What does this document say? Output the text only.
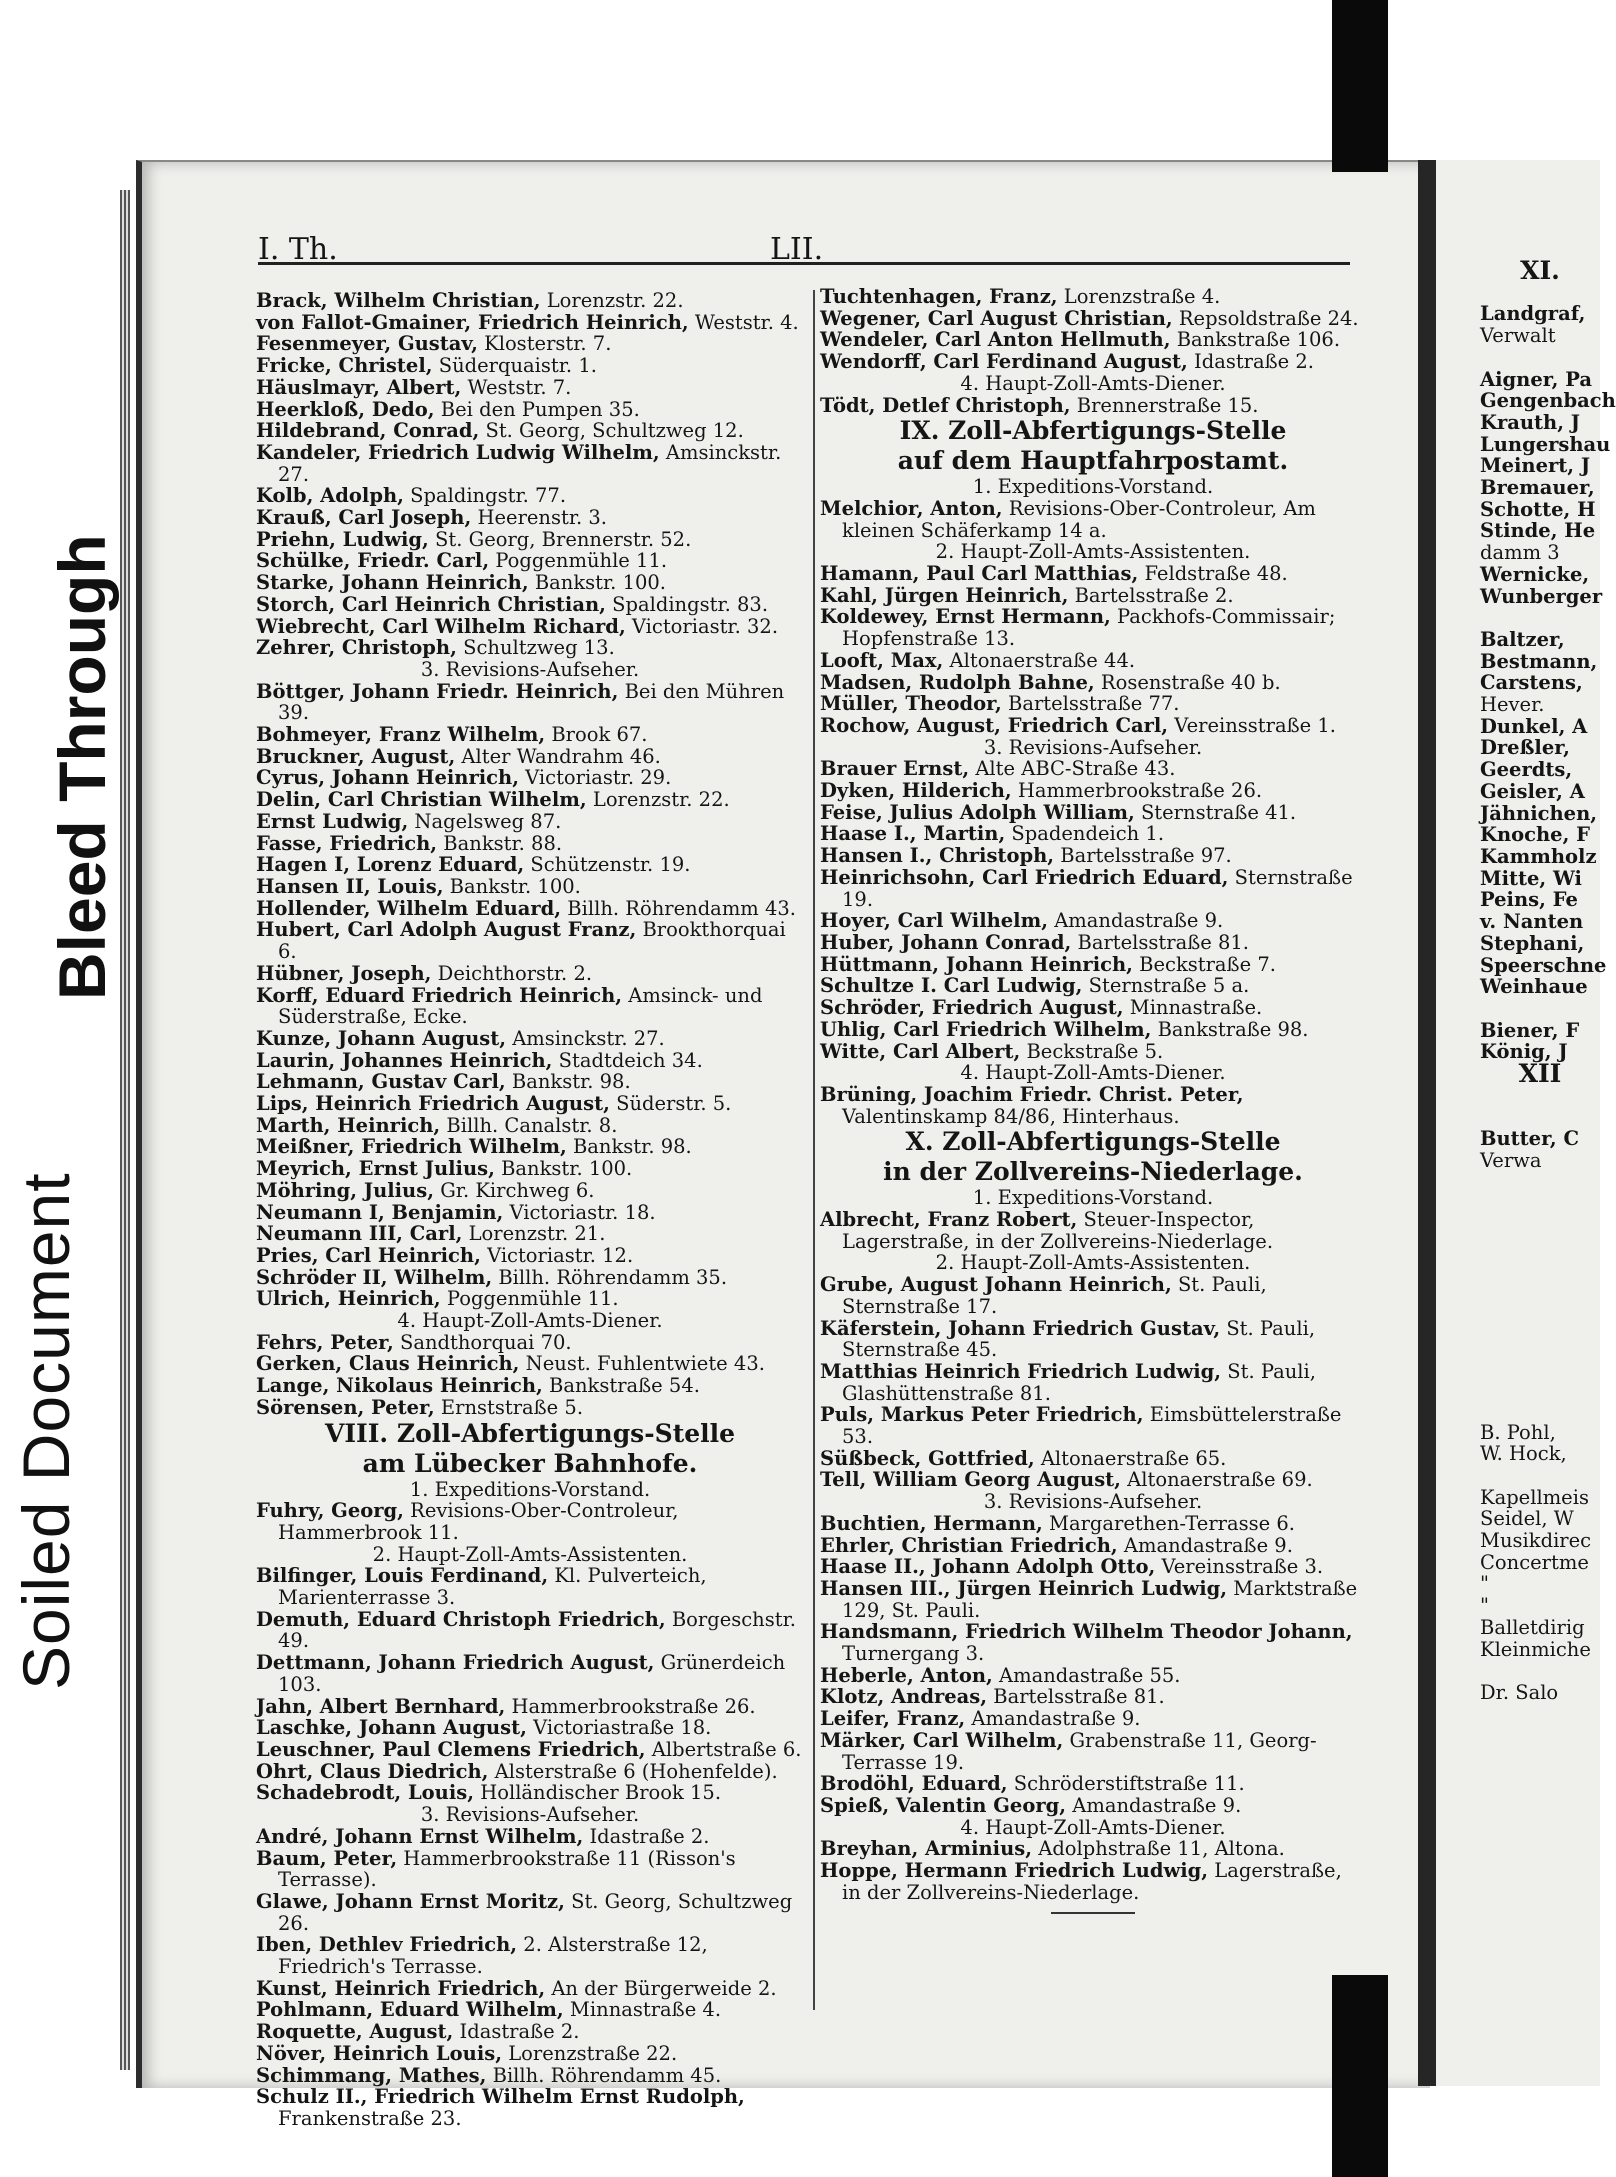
Bleed Through
Soiled Document
I. Th.	LII.

Brack, Wilhelm Christian, Lorenzstr. 22.

von Fallot-Gmainer, Friedrich Heinrich, Weststr. 4.

Fesenmeyer, Gustav, Klosterstr. 7.

Fricke, Christel, Süderquaistr. 1.

Häuslmayr, Albert, Weststr. 7.

Heerkloß, Dedo, Bei den Pumpen 35.

Hildebrand, Conrad, St. Georg, Schultzweg 12.

Kandeler, Friedrich Ludwig Wilhelm, Amsinckstr. 27.

Kolb, Adolph, Spaldingstr. 77.

Krauß, Carl Joseph, Heerenstr. 3.

Priehn, Ludwig, St. Georg, Brennerstr. 52.

Schülke, Friedr. Carl, Poggenmühle 11.

Starke, Johann Heinrich, Bankstr. 100.

Storch, Carl Heinrich Christian, Spaldingstr. 83.

Wiebrecht, Carl Wilhelm Richard, Victoriastr. 32.

Zehrer, Christoph, Schultzweg 13.

3. Revisions-Aufseher.

Böttger, Johann Friedr. Heinrich, Bei den Mühren 39.

Bohmeyer, Franz Wilhelm, Brook 67.

Bruckner, August, Alter Wandrahm 46.

Cyrus, Johann Heinrich, Victoriastr. 29.

Delin, Carl Christian Wilhelm, Lorenzstr. 22.

Ernst Ludwig, Nagelsweg 87.

Fasse, Friedrich, Bankstr. 88.

Hagen I, Lorenz Eduard, Schützenstr. 19.

Hansen II, Louis, Bankstr. 100.

Hollender, Wilhelm Eduard, Billh. Röhrendamm 43.

Hubert, Carl Adolph August Franz, Brookthorquai 6.

Hübner, Joseph, Deichthorstr. 2.

Korff, Eduard Friedrich Heinrich, Amsinck- und Süderstraße, Ecke.

Kunze, Johann August, Amsinckstr. 27.

Laurin, Johannes Heinrich, Stadtdeich 34.

Lehmann, Gustav Carl, Bankstr. 98.

Lips, Heinrich Friedrich August, Süderstr. 5.

Marth, Heinrich, Billh. Canalstr. 8.

Meißner, Friedrich Wilhelm, Bankstr. 98.

Meyrich, Ernst Julius, Bankstr. 100.

Möhring, Julius, Gr. Kirchweg 6.

Neumann I, Benjamin, Victoriastr. 18.

Neumann III, Carl, Lorenzstr. 21.

Pries, Carl Heinrich, Victoriastr. 12.

Schröder II, Wilhelm, Billh. Röhrendamm 35.

Ulrich, Heinrich, Poggenmühle 11.

4. Haupt-Zoll-Amts-Diener.

Fehrs, Peter, Sandthorquai 70.

Gerken, Claus Heinrich, Neust. Fuhlentwiete 43.

Lange, Nikolaus Heinrich, Bankstraße 54.

Sörensen, Peter, Ernststraße 5.

VIII. Zoll-Abfertigungs-Stelle

am Lübecker Bahnhofe.

1. Expeditions-Vorstand.

Fuhry, Georg, Revisions-Ober-Controleur, Hammerbrook 11.

2. Haupt-Zoll-Amts-Assistenten.

Bilfinger, Louis Ferdinand, Kl. Pulverteich, Marienterrasse 3.

Demuth, Eduard Christoph Friedrich, Borgeschstr. 49.

Dettmann, Johann Friedrich August, Grünerdeich 103.

Jahn, Albert Bernhard, Hammerbrookstraße 26.

Laschke, Johann August, Victoriastraße 18.

Leuschner, Paul Clemens Friedrich, Albertstraße 6.

Ohrt, Claus Diedrich, Alsterstraße 6 (Hohenfelde).

Schadebrodt, Louis, Holländischer Brook 15.

3. Revisions-Aufseher.

André, Johann Ernst Wilhelm, Idastraße 2.

Baum, Peter, Hammerbrookstraße 11 (Risson's Terrasse).

Glawe, Johann Ernst Moritz, St. Georg, Schultzweg 26.

Iben, Dethlev Friedrich, 2. Alsterstraße 12, Friedrich's Terrasse.

Kunst, Heinrich Friedrich, An der Bürgerweide 2.

Pohlmann, Eduard Wilhelm, Minnastraße 4.

Roquette, August, Idastraße 2.

Növer, Heinrich Louis, Lorenzstraße 22.

Schimmang, Mathes, Billh. Röhrendamm 45.

Schulz II., Friedrich Wilhelm Ernst Rudolph, Frankenstraße 23.

Tuchtenhagen, Franz, Lorenzstraße 4.

Wegener, Carl August Christian, Repsoldstraße 24.

Wendeler, Carl Anton Hellmuth, Bankstraße 106.

Wendorff, Carl Ferdinand August, Idastraße 2.

4. Haupt-Zoll-Amts-Diener.

Tödt, Detlef Christoph, Brennerstraße 15.

IX. Zoll-Abfertigungs-Stelle

auf dem Hauptfahrpostamt.

1. Expeditions-Vorstand.

Melchior, Anton, Revisions-Ober-Controleur, Am kleinen Schäferkamp 14 a.

2. Haupt-Zoll-Amts-Assistenten.

Hamann, Paul Carl Matthias, Feldstraße 48.

Kahl, Jürgen Heinrich, Bartelsstraße 2.

Koldewey, Ernst Hermann, Packhofs-Commissair; Hopfenstraße 13.

Looft, Max, Altonaerstraße 44.

Madsen, Rudolph Bahne, Rosenstraße 40 b.

Müller, Theodor, Bartelsstraße 77.

Rochow, August, Friedrich Carl, Vereinsstraße 1.

3. Revisions-Aufseher.

Brauer Ernst, Alte ABC-Straße 43.

Dyken, Hilderich, Hammerbrookstraße 26.

Feise, Julius Adolph William, Sternstraße 41.

Haase I., Martin, Spadendeich 1.

Hansen I., Christoph, Bartelsstraße 97.

Heinrichsohn, Carl Friedrich Eduard, Sternstraße 19.

Hoyer, Carl Wilhelm, Amandastraße 9.

Huber, Johann Conrad, Bartelsstraße 81.

Hüttmann, Johann Heinrich, Beckstraße 7.

Schultze I. Carl Ludwig, Sternstraße 5 a.

Schröder, Friedrich August, Minnastraße.

Uhlig, Carl Friedrich Wilhelm, Bankstraße 98.

Witte, Carl Albert, Beckstraße 5.

4. Haupt-Zoll-Amts-Diener.

Brüning, Joachim Friedr. Christ. Peter, Valentinskamp 84/86, Hinterhaus.

X. Zoll-Abfertigungs-Stelle

in der Zollvereins-Niederlage.

1. Expeditions-Vorstand.

Albrecht, Franz Robert, Steuer-Inspector, Lagerstraße, in der Zollvereins-Niederlage.

2. Haupt-Zoll-Amts-Assistenten.

Grube, August Johann Heinrich, St. Pauli, Sternstraße 17.

Käferstein, Johann Friedrich Gustav, St. Pauli, Sternstraße 45.

Matthias Heinrich Friedrich Ludwig, St. Pauli, Glashüttenstraße 81.

Puls, Markus Peter Friedrich, Eimsbüttelerstraße 53.

Süßbeck, Gottfried, Altonaerstraße 65.

Tell, William Georg August, Altonaerstraße 69.

3. Revisions-Aufseher.

Buchtien, Hermann, Margarethen-Terrasse 6.

Ehrler, Christian Friedrich, Amandastraße 9.

Haase II., Johann Adolph Otto, Vereinsstraße 3.

Hansen III., Jürgen Heinrich Ludwig, Marktstraße 129, St. Pauli.

Handsmann, Friedrich Wilhelm Theodor Johann, Turnergang 3.

Heberle, Anton, Amandastraße 55.

Klotz, Andreas, Bartelsstraße 81.

Leifer, Franz, Amandastraße 9.

Märker, Carl Wilhelm, Grabenstraße 11, Georg-Terrasse 19.

Brodöhl, Eduard, Schröderstiftstraße 11.

Spieß, Valentin Georg, Amandastraße 9.

4. Haupt-Zoll-Amts-Diener.

Breyhan, Arminius, Adolphstraße 11, Altona.

Hoppe, Hermann Friedrich Ludwig, Lagerstraße, in der Zollvereins-Niederlage.

XI.

Landgraf,

Verwalt

Aigner, Pa

Gengenbach

Krauth, J

Lungershau

Meinert, J

Bremauer,

Schotte, H

Stinde, He

damm 3

Wernicke,

Wunberger

Baltzer,

Bestmann,

Carstens,

Hever.

Dunkel, A

Dreßler,

Geerdts,

Geisler, A

Jähnichen,

Knoche, F

Kammholz

Mitte, Wi

Peins, Fe

v. Nanten

Stephani,

Speerschne

Weinhaue

Biener, F

König, J

XII

Butter, C

Verwa

B. Pohl,

W. Hock,

Kapellmeis

Seidel, W

Musikdirec

Concertme

"

"

Balletdirig

Kleinmiche

Dr. Salo
